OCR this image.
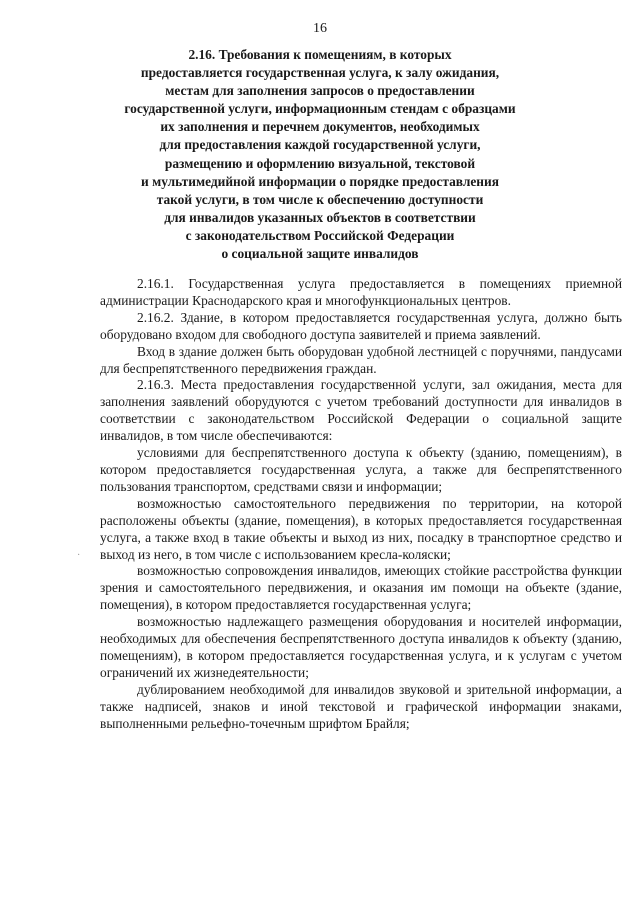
16
2.16. Требования к помещениям, в которых
предоставляется государственная услуга, к залу ожидания,
местам для заполнения запросов о предоставлении
государственной услуги, информационным стендам с образцами
их заполнения и перечнем документов, необходимых
для предоставления каждой государственной услуги,
размещению и оформлению визуальной, текстовой
и мультимедийной информации о порядке предоставления
такой услуги, в том числе к обеспечению доступности
для инвалидов указанных объектов в соответствии
с законодательством Российской Федерации
о социальной защите инвалидов

2.16.1. Государственная услуга предоставляется в помещениях приемной администрации Краснодарского края и многофункциональных центров.

2.16.2. Здание, в котором предоставляется государственная услуга, должно быть оборудовано входом для свободного доступа заявителей и приема заявлений.

Вход в здание должен быть оборудован удобной лестницей с поручнями, пандусами для беспрепятственного передвижения граждан.

2.16.3. Места предоставления государственной услуги, зал ожидания, места для заполнения заявлений оборудуются с учетом требований доступности для инвалидов в соответствии с законодательством Российской Федерации о социальной защите инвалидов, в том числе обеспечиваются:

условиями для беспрепятственного доступа к объекту (зданию, помещениям), в котором предоставляется государственная услуга, а также для беспрепятственного пользования транспортом, средствами связи и информации;

возможностью самостоятельного передвижения по территории, на которой расположены объекты (здание, помещения), в которых предоставляется государственная услуга, а также вход в такие объекты и выход из них, посадку в транспортное средство и выход из него, в том числе с использованием кресла-коляски;

возможностью сопровождения инвалидов, имеющих стойкие расстройства функции зрения и самостоятельного передвижения, и оказания им помощи на объекте (здание, помещения), в котором предоставляется государственная услуга;

возможностью надлежащего размещения оборудования и носителей информации, необходимых для обеспечения беспрепятственного доступа инвалидов к объекту (зданию, помещениям), в котором предоставляется государственная услуга, и к услугам с учетом ограничений их жизнедеятельности;

дублированием необходимой для инвалидов звуковой и зрительной информации, а также надписей, знаков и иной текстовой и графической информации знаками, выполненными рельефно-точечным шрифтом Брайля;

·
